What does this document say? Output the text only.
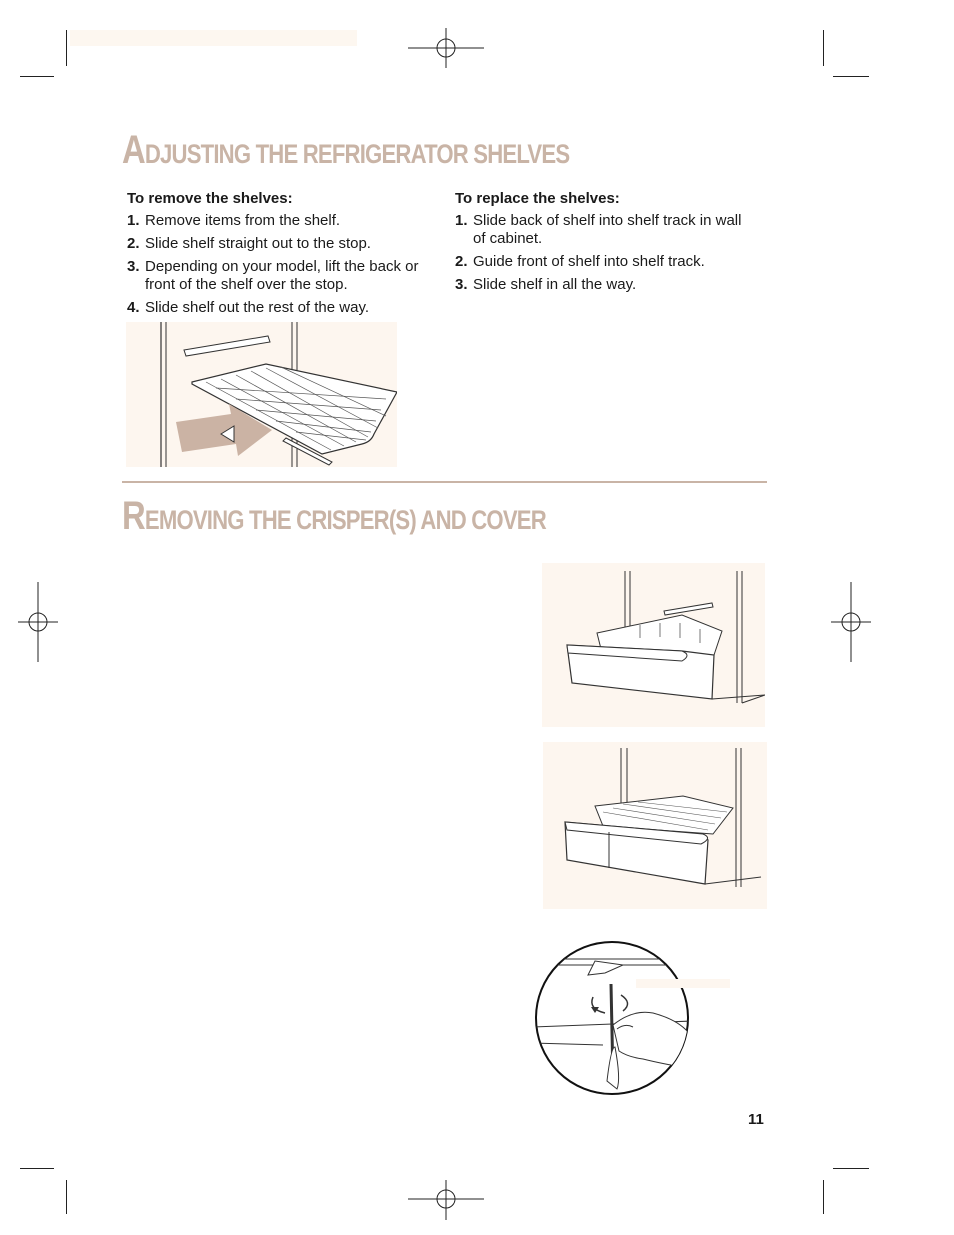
ADJUSTING THE REFRIGERATOR SHELVES
To remove the shelves:
1. Remove items from the shelf.
2. Slide shelf straight out to the stop.
3. Depending on your model, lift the back or front of the shelf over the stop.
4. Slide shelf out the rest of the way.
To replace the shelves:
1. Slide back of shelf into shelf track in wall of cabinet.
2. Guide front of shelf into shelf track.
3. Slide shelf in all the way.
REMOVING THE CRISPER(S) AND COVER
11
